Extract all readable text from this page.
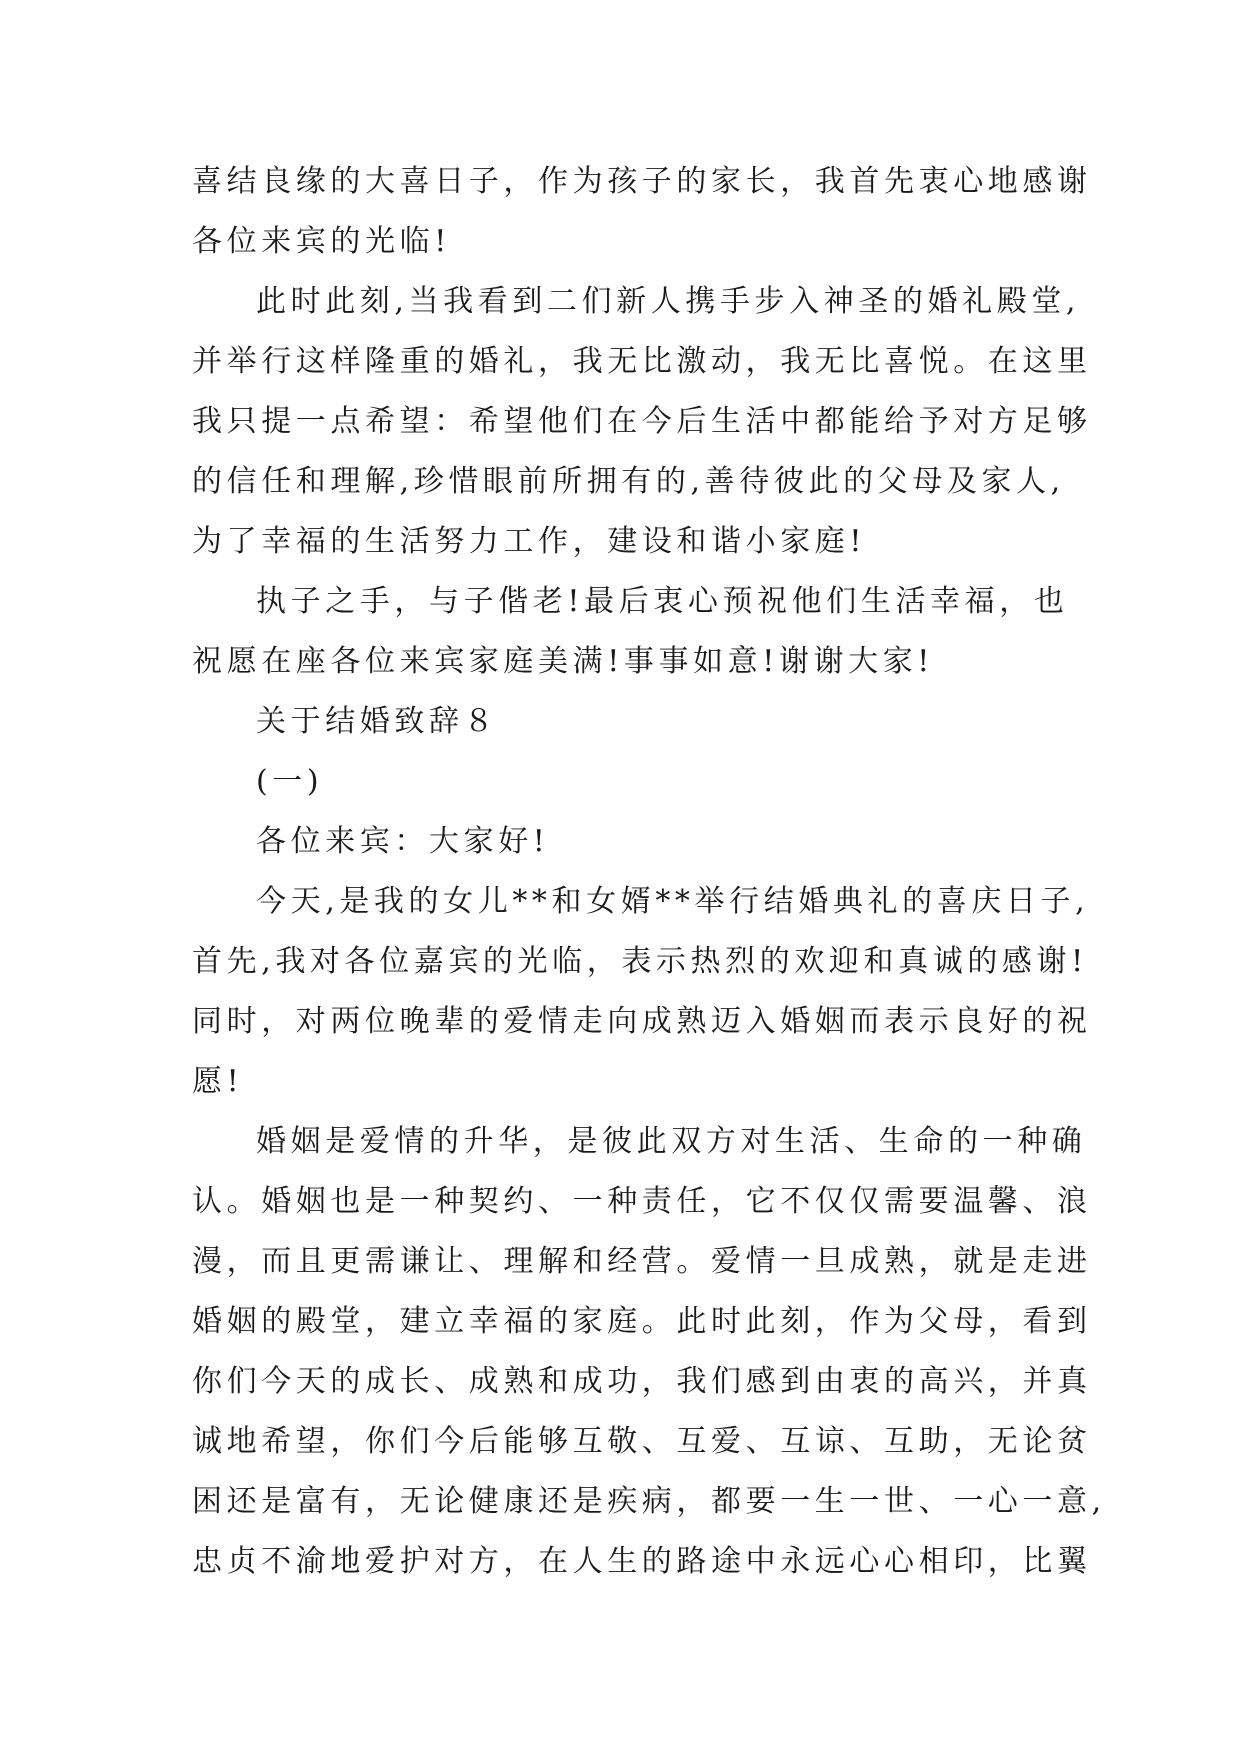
喜结良缘的大喜日子，作为孩子的家长，我首先衷心地感谢
各位来宾的光临!
此时此刻,当我看到二们新人携手步入神圣的婚礼殿堂,
并举行这样隆重的婚礼，我无比激动，我无比喜悦。在这里
我只提一点希望：希望他们在今后生活中都能给予对方足够
的信任和理解,珍惜眼前所拥有的,善待彼此的父母及家人,
为了幸福的生活努力工作，建设和谐小家庭!
执子之手，与子偕老!最后衷心预祝他们生活幸福，也
祝愿在座各位来宾家庭美满!事事如意!谢谢大家!
关于结婚致辞８
(一)
各位来宾：大家好!
今天,是我的女儿**和女婿**举行结婚典礼的喜庆日子,
首先,我对各位嘉宾的光临，表示热烈的欢迎和真诚的感谢!
同时，对两位晚辈的爱情走向成熟迈入婚姻而表示良好的祝
愿!
婚姻是爱情的升华，是彼此双方对生活、生命的一种确
认。婚姻也是一种契约、一种责任，它不仅仅需要温馨、浪
漫，而且更需谦让、理解和经营。爱情一旦成熟，就是走进
婚姻的殿堂，建立幸福的家庭。此时此刻，作为父母，看到
你们今天的成长、成熟和成功，我们感到由衷的高兴，并真
诚地希望，你们今后能够互敬、互爱、互谅、互助，无论贫
困还是富有，无论健康还是疾病，都要一生一世、一心一意,
忠贞不渝地爱护对方，在人生的路途中永远心心相印，比翼
